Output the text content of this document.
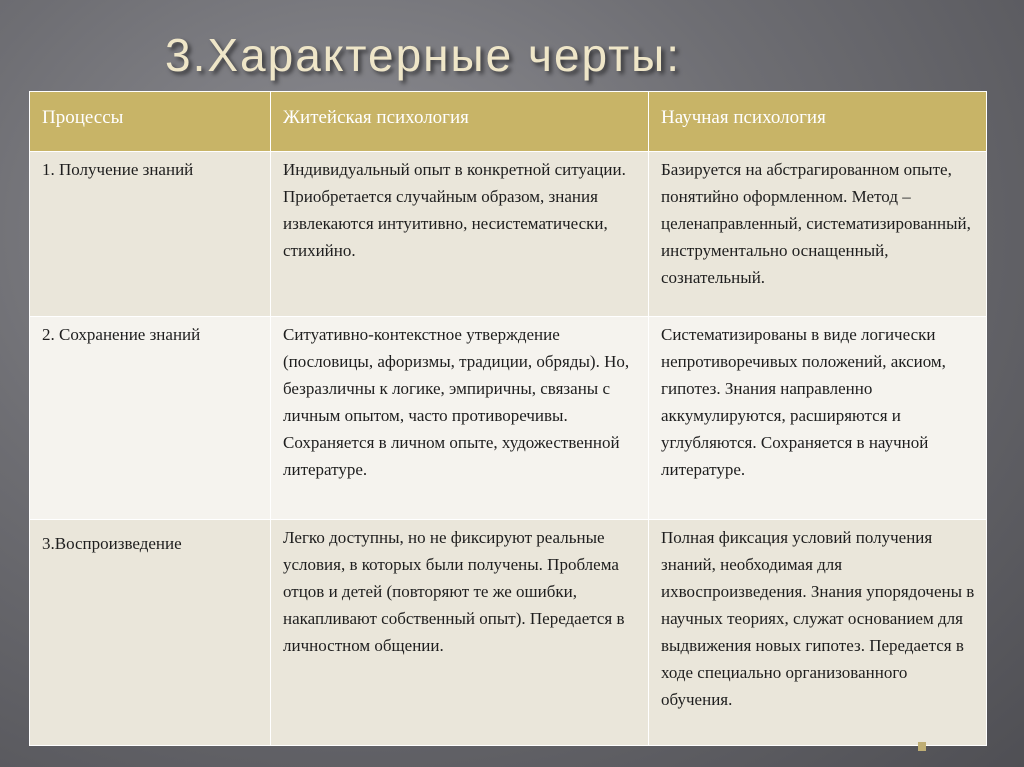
3.Характерные черты:
Процессы	Житейская психология	Научная психология
1. Получение знаний	Индивидуальный опыт в конкретной ситуации. Приобретается случайным образом, знания извлекаются интуитивно, несистематически, стихийно.	Базируется на абстрагированном опыте, понятийно оформленном. Метод – целенаправленный, систематизированный, инструментально оснащенный, сознательный.
2. Сохранение знаний	Ситуативно-контекстное утверждение (пословицы, афоризмы, традиции, обряды). Но, безразличны к логике, эмпиричны, связаны с личным опытом, часто противоречивы. Сохраняется в личном опыте, художественной литературе.	Систематизированы в виде логически непротиворечивых положений, аксиом, гипотез. Знания направленно аккумулируются, расширяются и углубляются. Сохраняется в научной литературе.
3.Воспроизведение	Легко доступны, но не фиксируют реальные условия, в которых были получены. Проблема отцов и детей (повторяют те же ошибки, накапливают собственный опыт). Передается в личностном общении.	Полная фиксация условий получения знаний, необходимая для ихвоспроизведения. Знания упорядочены в научных теориях, служат основанием для выдвижения новых гипотез. Передается в ходе специально организованного обучения.
